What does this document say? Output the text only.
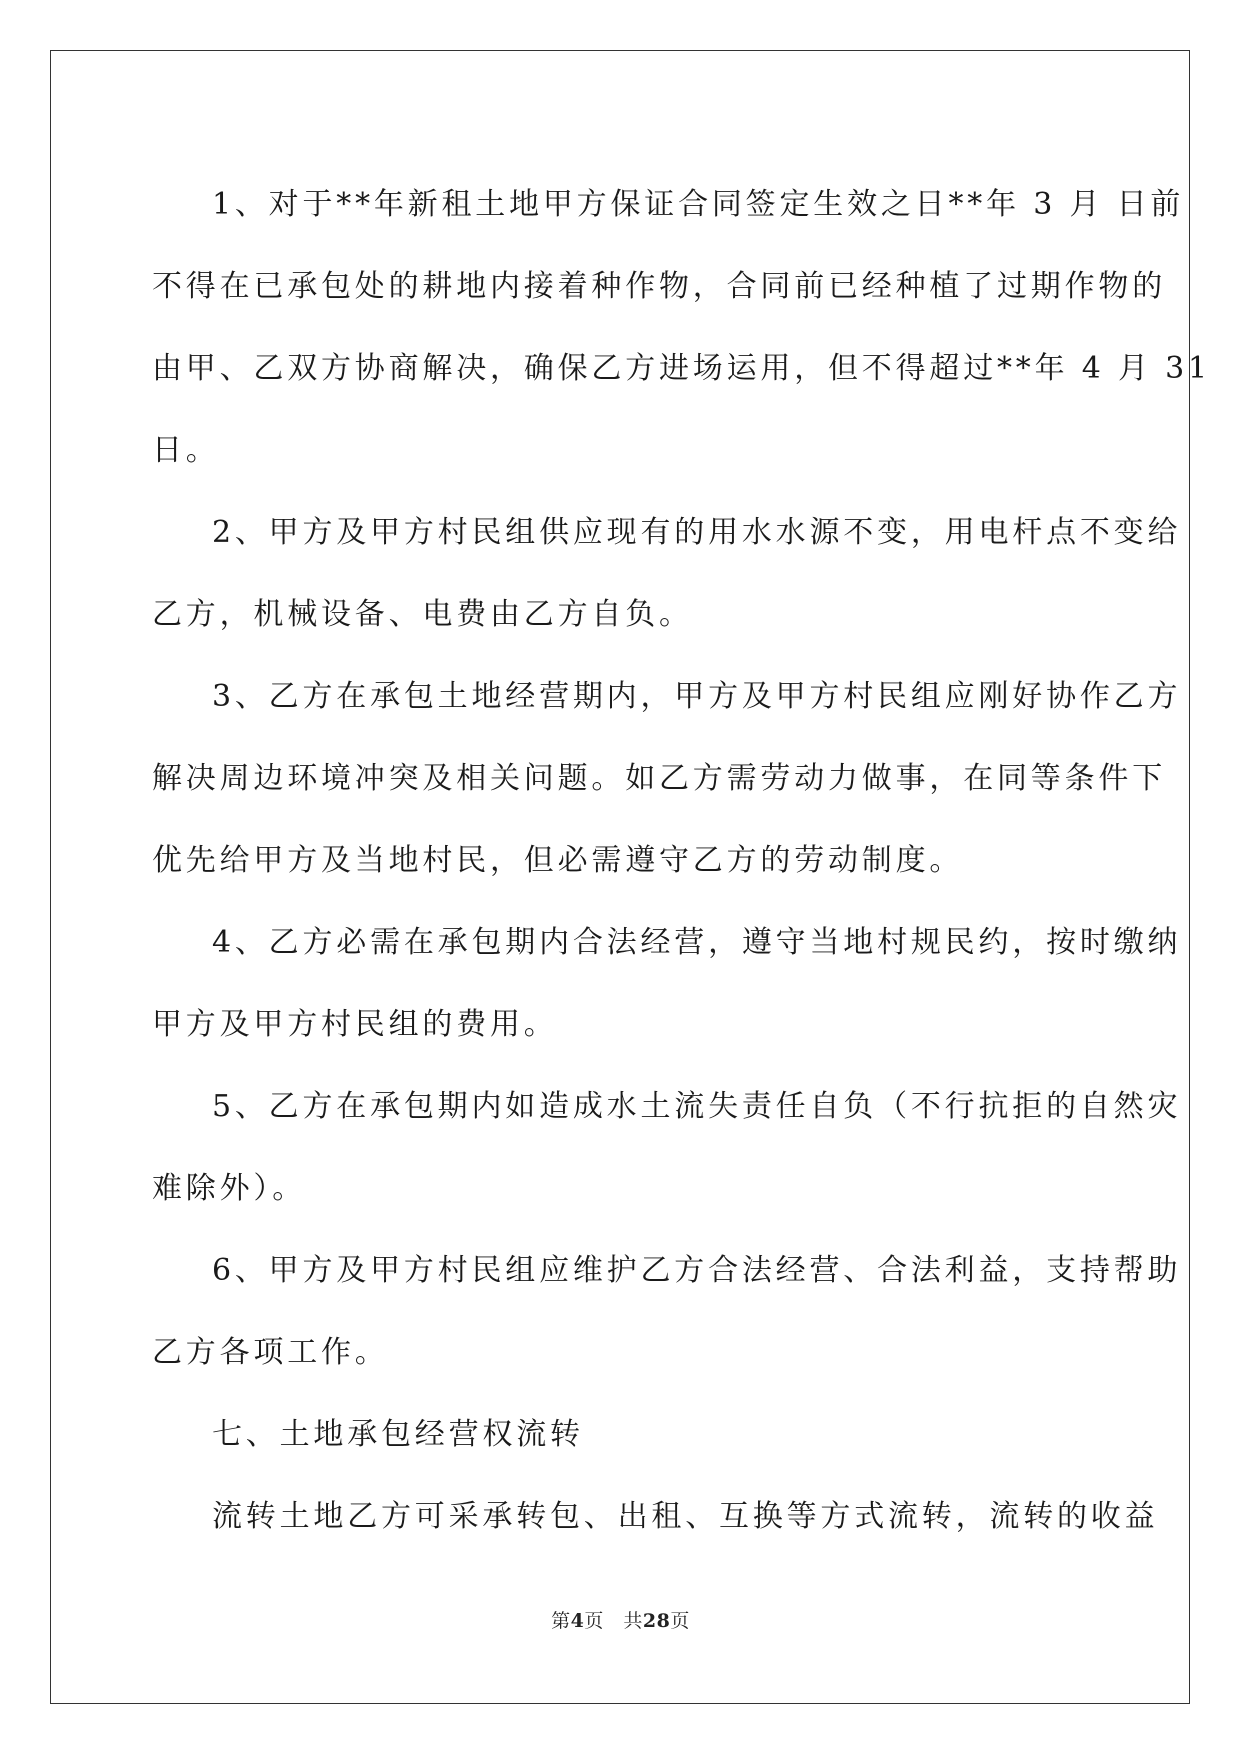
1、对于**年新租土地甲方保证合同签定生效之日**年 3 月 日前
不得在已承包处的耕地内接着种作物，合同前已经种植了过期作物的
由甲、乙双方协商解决，确保乙方进场运用，但不得超过**年 4 月 31
日。

2、甲方及甲方村民组供应现有的用水水源不变，用电杆点不变给
乙方，机械设备、电费由乙方自负。

3、乙方在承包土地经营期内，甲方及甲方村民组应刚好协作乙方
解决周边环境冲突及相关问题。如乙方需劳动力做事，在同等条件下
优先给甲方及当地村民，但必需遵守乙方的劳动制度。

4、乙方必需在承包期内合法经营，遵守当地村规民约，按时缴纳
甲方及甲方村民组的费用。

5、乙方在承包期内如造成水土流失责任自负（不行抗拒的自然灾
难除外）。

6、甲方及甲方村民组应维护乙方合法经营、合法利益，支持帮助
乙方各项工作。

七、土地承包经营权流转

流转土地乙方可采承转包、出租、互换等方式流转，流转的收益

第4页　共28页
